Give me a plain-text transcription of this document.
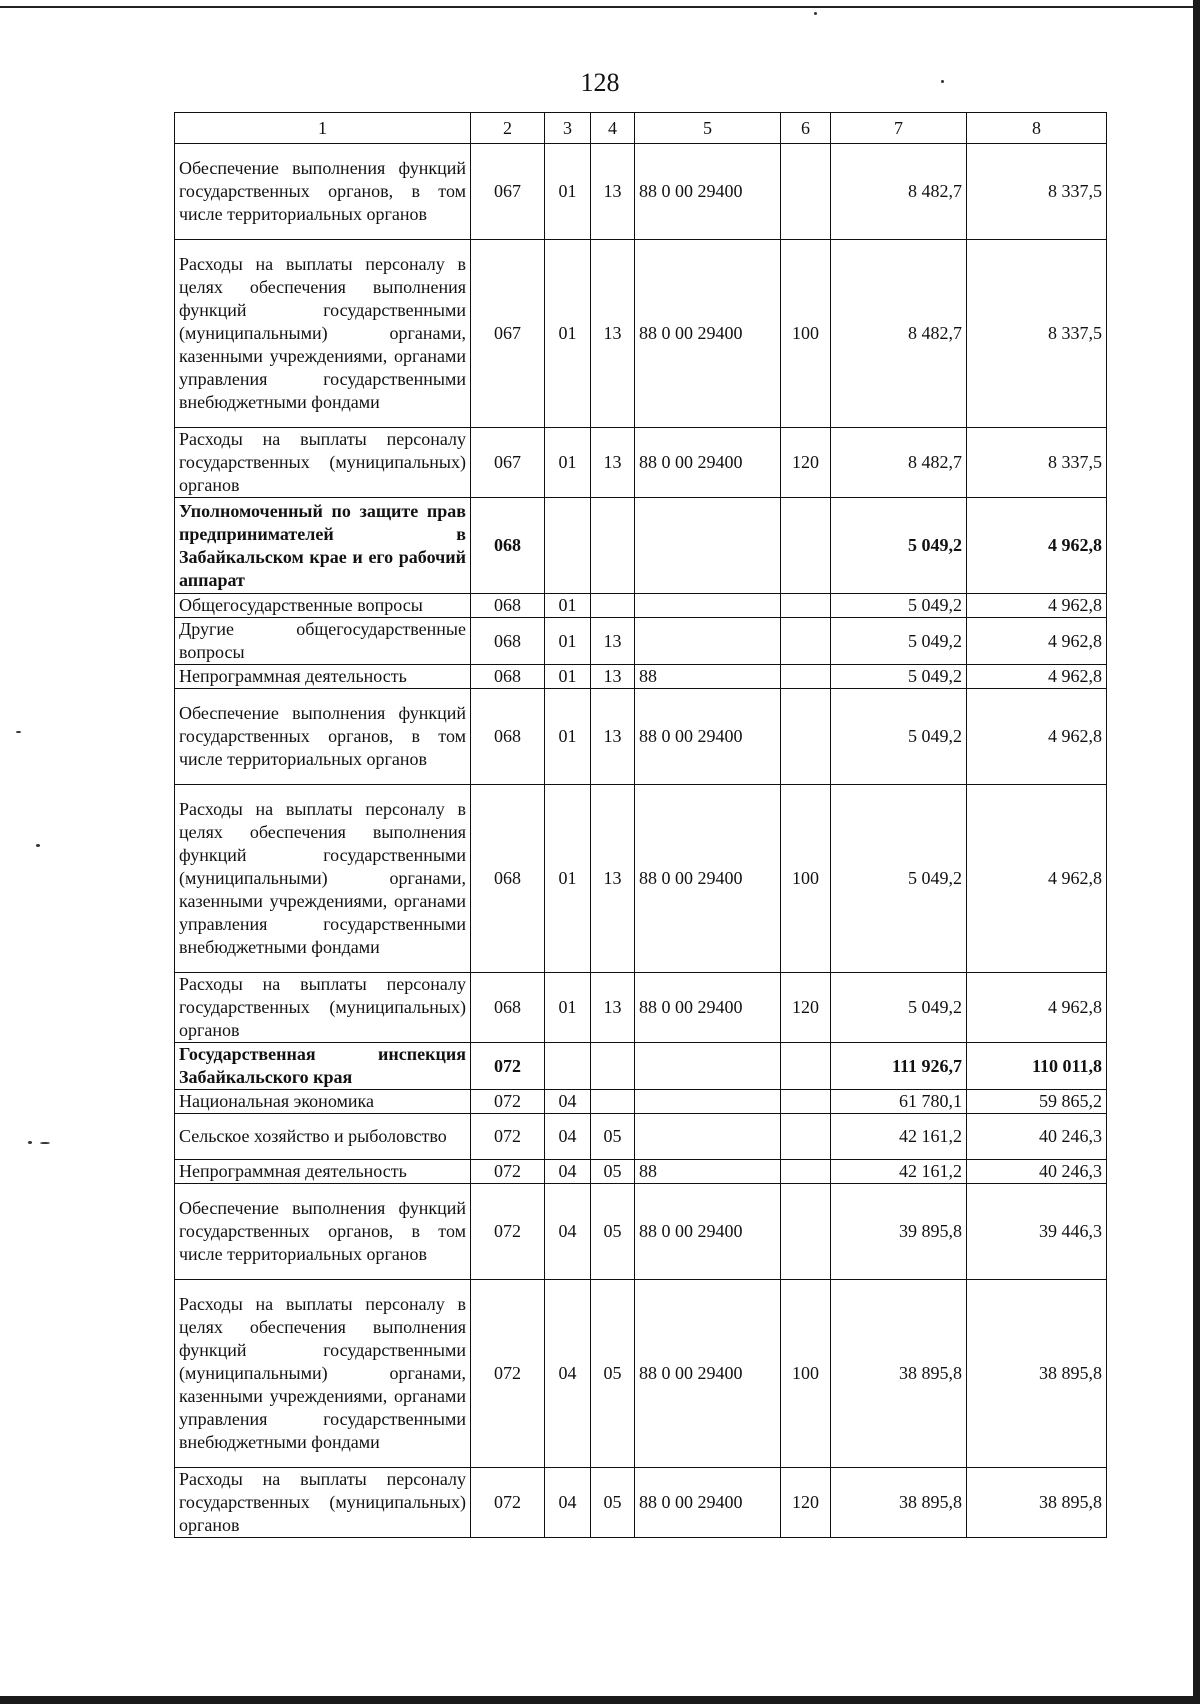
128
1	2	3	4	5	6	7	8
Обеспечение выполнения функций государственных органов, в том числе территориальных органов	067	01	13	88 0 00 29400		8 482,7	8 337,5
Расходы на выплаты персоналу в целях обеспечения выполнения функций государственными (муниципальными) органами, казенными учреждениями, органами управления государственными внебюджетными фондами	067	01	13	88 0 00 29400	100	8 482,7	8 337,5
Расходы на выплаты персоналу государственных (муниципальных) органов	067	01	13	88 0 00 29400	120	8 482,7	8 337,5
Уполномоченный по защите прав предпринимателей в Забайкальском крае и его рабочий аппарат	068					5 049,2	4 962,8
Общегосударственные вопросы	068	01				5 049,2	4 962,8
Другие общегосударственные вопросы	068	01	13			5 049,2	4 962,8
Непрограммная деятельность	068	01	13	88		5 049,2	4 962,8
Обеспечение выполнения функций государственных органов, в том числе территориальных органов	068	01	13	88 0 00 29400		5 049,2	4 962,8
Расходы на выплаты персоналу в целях обеспечения выполнения функций государственными (муниципальными) органами, казенными учреждениями, органами управления государственными внебюджетными фондами	068	01	13	88 0 00 29400	100	5 049,2	4 962,8
Расходы на выплаты персоналу государственных (муниципальных) органов	068	01	13	88 0 00 29400	120	5 049,2	4 962,8
Государственная инспекция Забайкальского края	072					111 926,7	110 011,8
Национальная экономика	072	04				61 780,1	59 865,2
Сельское хозяйство и рыболовство	072	04	05			42 161,2	40 246,3
Непрограммная деятельность	072	04	05	88		42 161,2	40 246,3
Обеспечение выполнения функций государственных органов, в том числе территориальных органов	072	04	05	88 0 00 29400		39 895,8	39 446,3
Расходы на выплаты персоналу в целях обеспечения выполнения функций государственными (муниципальными) органами, казенными учреждениями, органами управления государственными внебюджетными фондами	072	04	05	88 0 00 29400	100	38 895,8	38 895,8
Расходы на выплаты персоналу государственных (муниципальных) органов	072	04	05	88 0 00 29400	120	38 895,8	38 895,8
